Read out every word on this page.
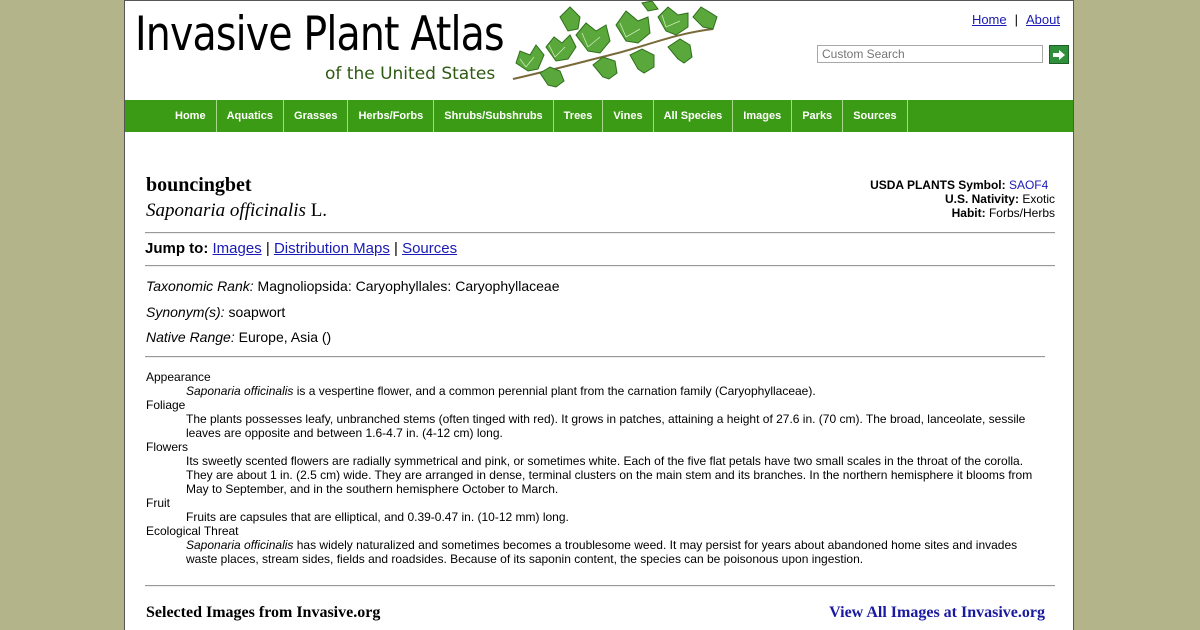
Invasive Plant Atlas
of the United States
Home | About
Custom Search
Home	Aquatics	Grasses	Herbs/Forbs	Shrubs/Subshrubs	Trees	Vines	All Species	Images	Parks	Sources
bouncingbet
Saponaria officinalis L.
USDA PLANTS Symbol: SAOF4
U.S. Nativity: Exotic
Habit: Forbs/Herbs
Jump to: Images | Distribution Maps | Sources
Taxonomic Rank: Magnoliopsida: Caryophyllales: Caryophyllaceae
Synonym(s): soapwort
Native Range: Europe, Asia ()
Appearance
Saponaria officinalis is a vespertine flower, and a common perennial plant from the carnation family (Caryophyllaceae).
Foliage
The plants possesses leafy, unbranched stems (often tinged with red). It grows in patches, attaining a height of 27.6 in. (70 cm). The broad, lanceolate, sessile leaves are opposite and between 1.6-4.7 in. (4-12 cm) long.
Flowers
Its sweetly scented flowers are radially symmetrical and pink, or sometimes white. Each of the five flat petals have two small scales in the throat of the corolla. They are about 1 in. (2.5 cm) wide. They are arranged in dense, terminal clusters on the main stem and its branches. In the northern hemisphere it blooms from May to September, and in the southern hemisphere October to March.
Fruit
Fruits are capsules that are elliptical, and 0.39-0.47 in. (10-12 mm) long.
Ecological Threat
Saponaria officinalis has widely naturalized and sometimes becomes a troublesome weed. It may persist for years about abandoned home sites and invades waste places, stream sides, fields and roadsides. Because of its saponin content, the species can be poisonous upon ingestion.
Selected Images from Invasive.org	View All Images at Invasive.org
